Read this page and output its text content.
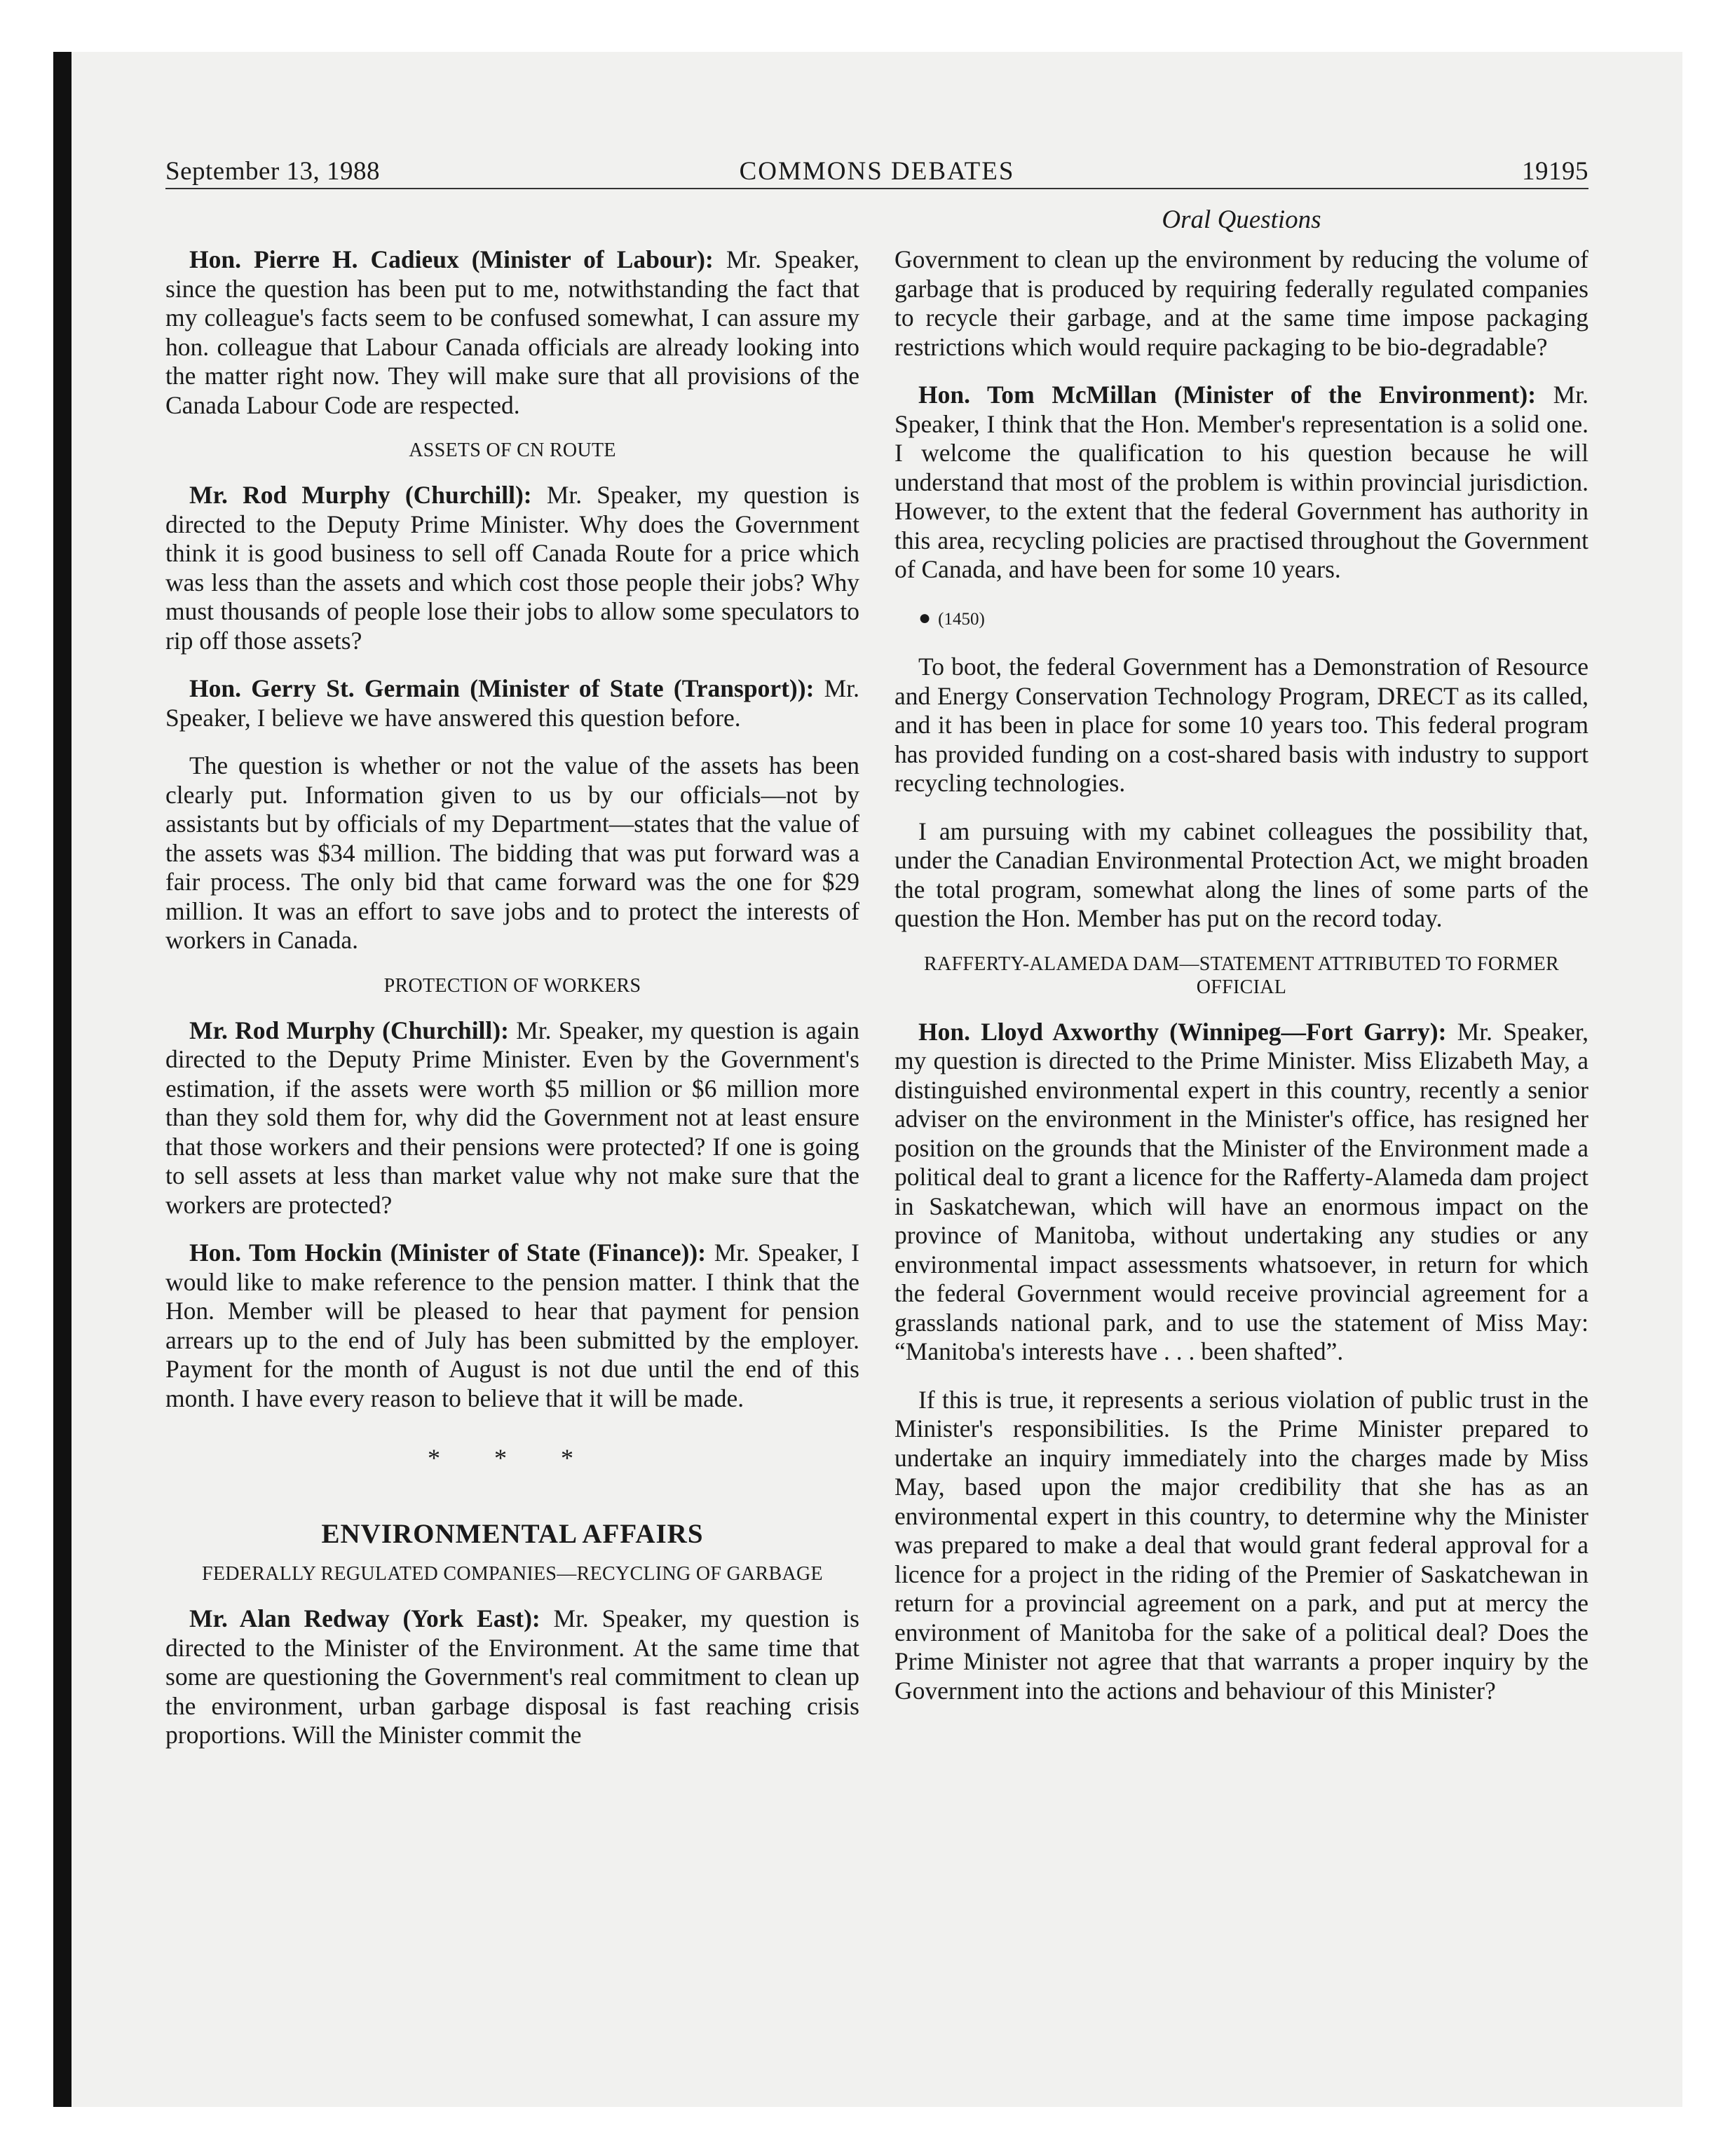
September 13, 1988	COMMONS DEBATES	19195
Oral Questions

Hon. Pierre H. Cadieux (Minister of Labour): Mr. Speaker, since the question has been put to me, notwithstanding the fact that my colleague's facts seem to be confused somewhat, I can assure my hon. colleague that Labour Canada officials are already looking into the matter right now. They will make sure that all provisions of the Canada Labour Code are respected.

ASSETS OF CN ROUTE

Mr. Rod Murphy (Churchill): Mr. Speaker, my question is directed to the Deputy Prime Minister. Why does the Government think it is good business to sell off Canada Route for a price which was less than the assets and which cost those people their jobs? Why must thousands of people lose their jobs to allow some speculators to rip off those assets?

Hon. Gerry St. Germain (Minister of State (Transport)): Mr. Speaker, I believe we have answered this question before.

The question is whether or not the value of the assets has been clearly put. Information given to us by our officials—not by assistants but by officials of my Department—states that the value of the assets was $34 million. The bidding that was put forward was a fair process. The only bid that came forward was the one for $29 million. It was an effort to save jobs and to protect the interests of workers in Canada.

PROTECTION OF WORKERS

Mr. Rod Murphy (Churchill): Mr. Speaker, my question is again directed to the Deputy Prime Minister. Even by the Government's estimation, if the assets were worth $5 million or $6 million more than they sold them for, why did the Government not at least ensure that those workers and their pensions were protected? If one is going to sell assets at less than market value why not make sure that the workers are protected?

Hon. Tom Hockin (Minister of State (Finance)): Mr. Speaker, I would like to make reference to the pension matter. I think that the Hon. Member will be pleased to hear that payment for pension arrears up to the end of July has been submitted by the employer. Payment for the month of August is not due until the end of this month. I have every reason to believe that it will be made.

* * *
ENVIRONMENTAL AFFAIRS
FEDERALLY REGULATED COMPANIES—RECYCLING OF GARBAGE

Mr. Alan Redway (York East): Mr. Speaker, my question is directed to the Minister of the Environment. At the same time that some are questioning the Government's real commitment to clean up the environment, urban garbage disposal is fast reaching crisis proportions. Will the Minister commit the

Government to clean up the environment by reducing the volume of garbage that is produced by requiring federally regulated companies to recycle their garbage, and at the same time impose packaging restrictions which would require packaging to be bio-degradable?

Hon. Tom McMillan (Minister of the Environment): Mr. Speaker, I think that the Hon. Member's representation is a solid one. I welcome the qualification to his question because he will understand that most of the problem is within provincial jurisdiction. However, to the extent that the federal Government has authority in this area, recycling policies are practised throughout the Government of Canada, and have been for some 10 years.

● (1450)

To boot, the federal Government has a Demonstration of Resource and Energy Conservation Technology Program, DRECT as its called, and it has been in place for some 10 years too. This federal program has provided funding on a cost-shared basis with industry to support recycling technologies.

I am pursuing with my cabinet colleagues the possibility that, under the Canadian Environmental Protection Act, we might broaden the total program, somewhat along the lines of some parts of the question the Hon. Member has put on the record today.

RAFFERTY-ALAMEDA DAM—STATEMENT ATTRIBUTED TO FORMER OFFICIAL

Hon. Lloyd Axworthy (Winnipeg—Fort Garry): Mr. Speaker, my question is directed to the Prime Minister. Miss Elizabeth May, a distinguished environmental expert in this country, recently a senior adviser on the environment in the Minister's office, has resigned her position on the grounds that the Minister of the Environment made a political deal to grant a licence for the Rafferty-Alameda dam project in Saskatchewan, which will have an enormous impact on the province of Manitoba, without undertaking any studies or any environmental impact assessments whatsoever, in return for which the federal Government would receive provincial agreement for a grasslands national park, and to use the statement of Miss May: “Manitoba's interests have . . . been shafted”.

If this is true, it represents a serious violation of public trust in the Minister's responsibilities. Is the Prime Minister prepared to undertake an inquiry immediately into the charges made by Miss May, based upon the major credibility that she has as an environmental expert in this country, to determine why the Minister was prepared to make a deal that would grant federal approval for a licence for a project in the riding of the Premier of Saskatchewan in return for a provincial agreement on a park, and put at mercy the environment of Manitoba for the sake of a political deal? Does the Prime Minister not agree that that warrants a proper inquiry by the Government into the actions and behaviour of this Minister?
